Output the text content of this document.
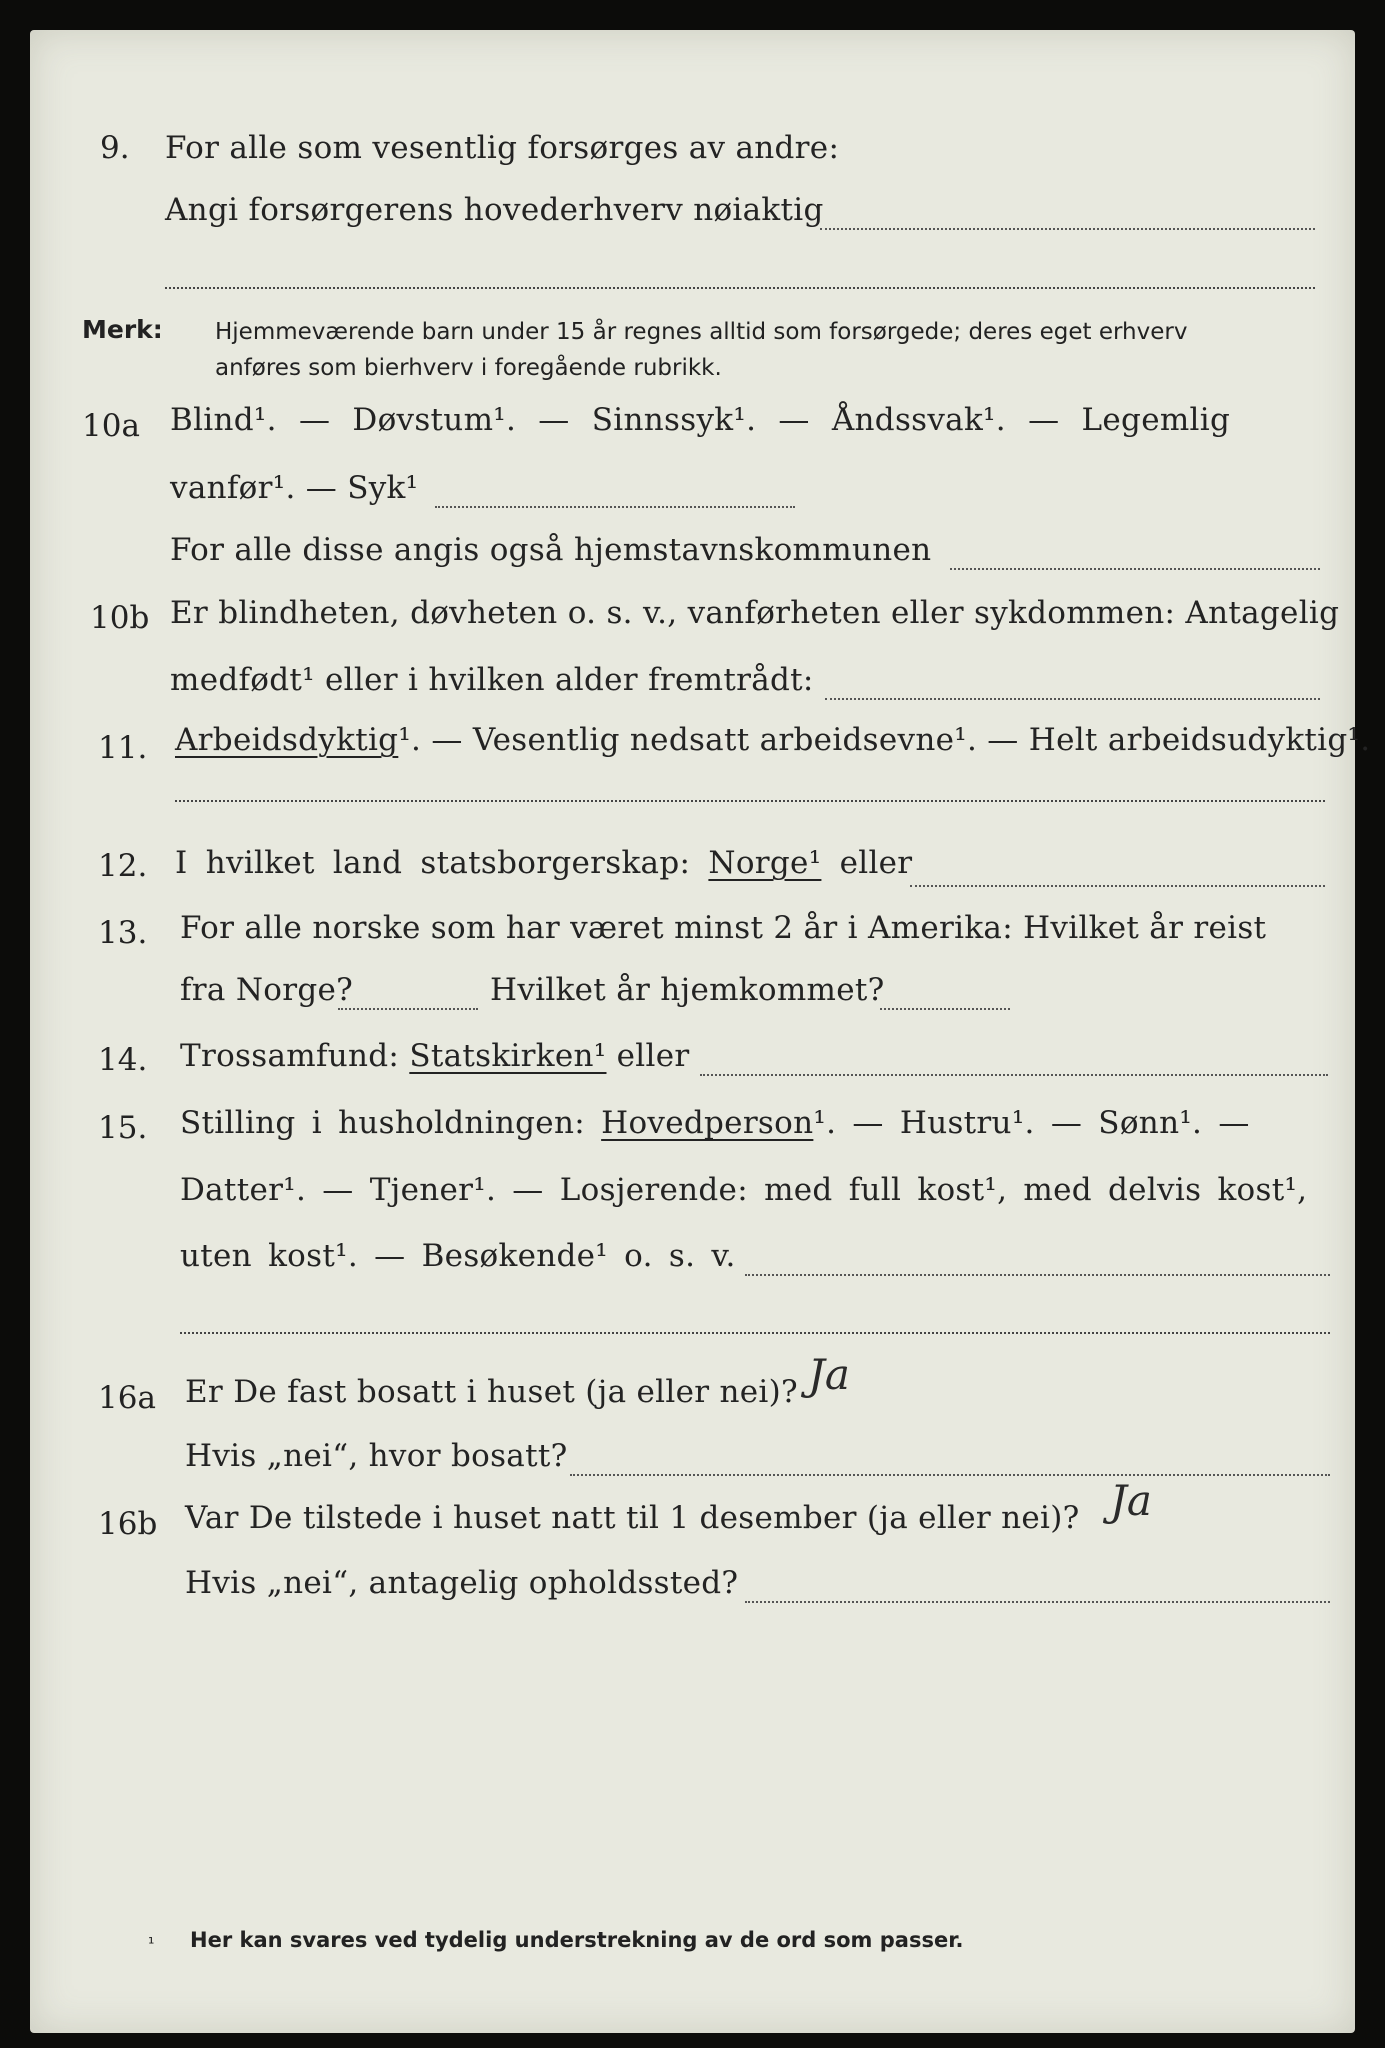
9. For alle som vesentlig forsørges av andre:
Angi forsørgerens hovederhverv nøiaktig
Merk: Hjemmeværende barn under 15 år regnes alltid som forsørgede; deres eget erhverv
anføres som bierhverv i foregående rubrikk.
10a Blind¹. — Døvstum¹. — Sinnssyk¹. — Åndssvak¹. — Legemlig
vanfør¹. — Syk¹
For alle disse angis også hjemstavnskommunen
10b Er blindheten, døvheten o. s. v., vanførheten eller sykdommen: Antagelig
medfødt¹ eller i hvilken alder fremtrådt:
11. Arbeidsdyktig¹. — Vesentlig nedsatt arbeidsevne¹. — Helt arbeidsudyktig¹.
12. I hvilket land statsborgerskap: Norge¹ eller
13. For alle norske som har været minst 2 år i Amerika: Hvilket år reist
fra Norge?	Hvilket år hjemkommet?
14. Trossamfund: Statskirken¹ eller
15. Stilling i husholdningen: Hovedperson¹. — Hustru¹. — Sønn¹. —
Datter¹. — Tjener¹. — Losjerende: med full kost¹, med delvis kost¹,
uten kost¹. — Besøkende¹ o. s. v.
16a Er De fast bosatt i huset (ja eller nei)? Ja
Hvis „nei“, hvor bosatt?
16b Var De tilstede i huset natt til 1 desember (ja eller nei)? Ja
Hvis „nei“, antagelig opholdssted?
¹ Her kan svares ved tydelig understrekning av de ord som passer.
